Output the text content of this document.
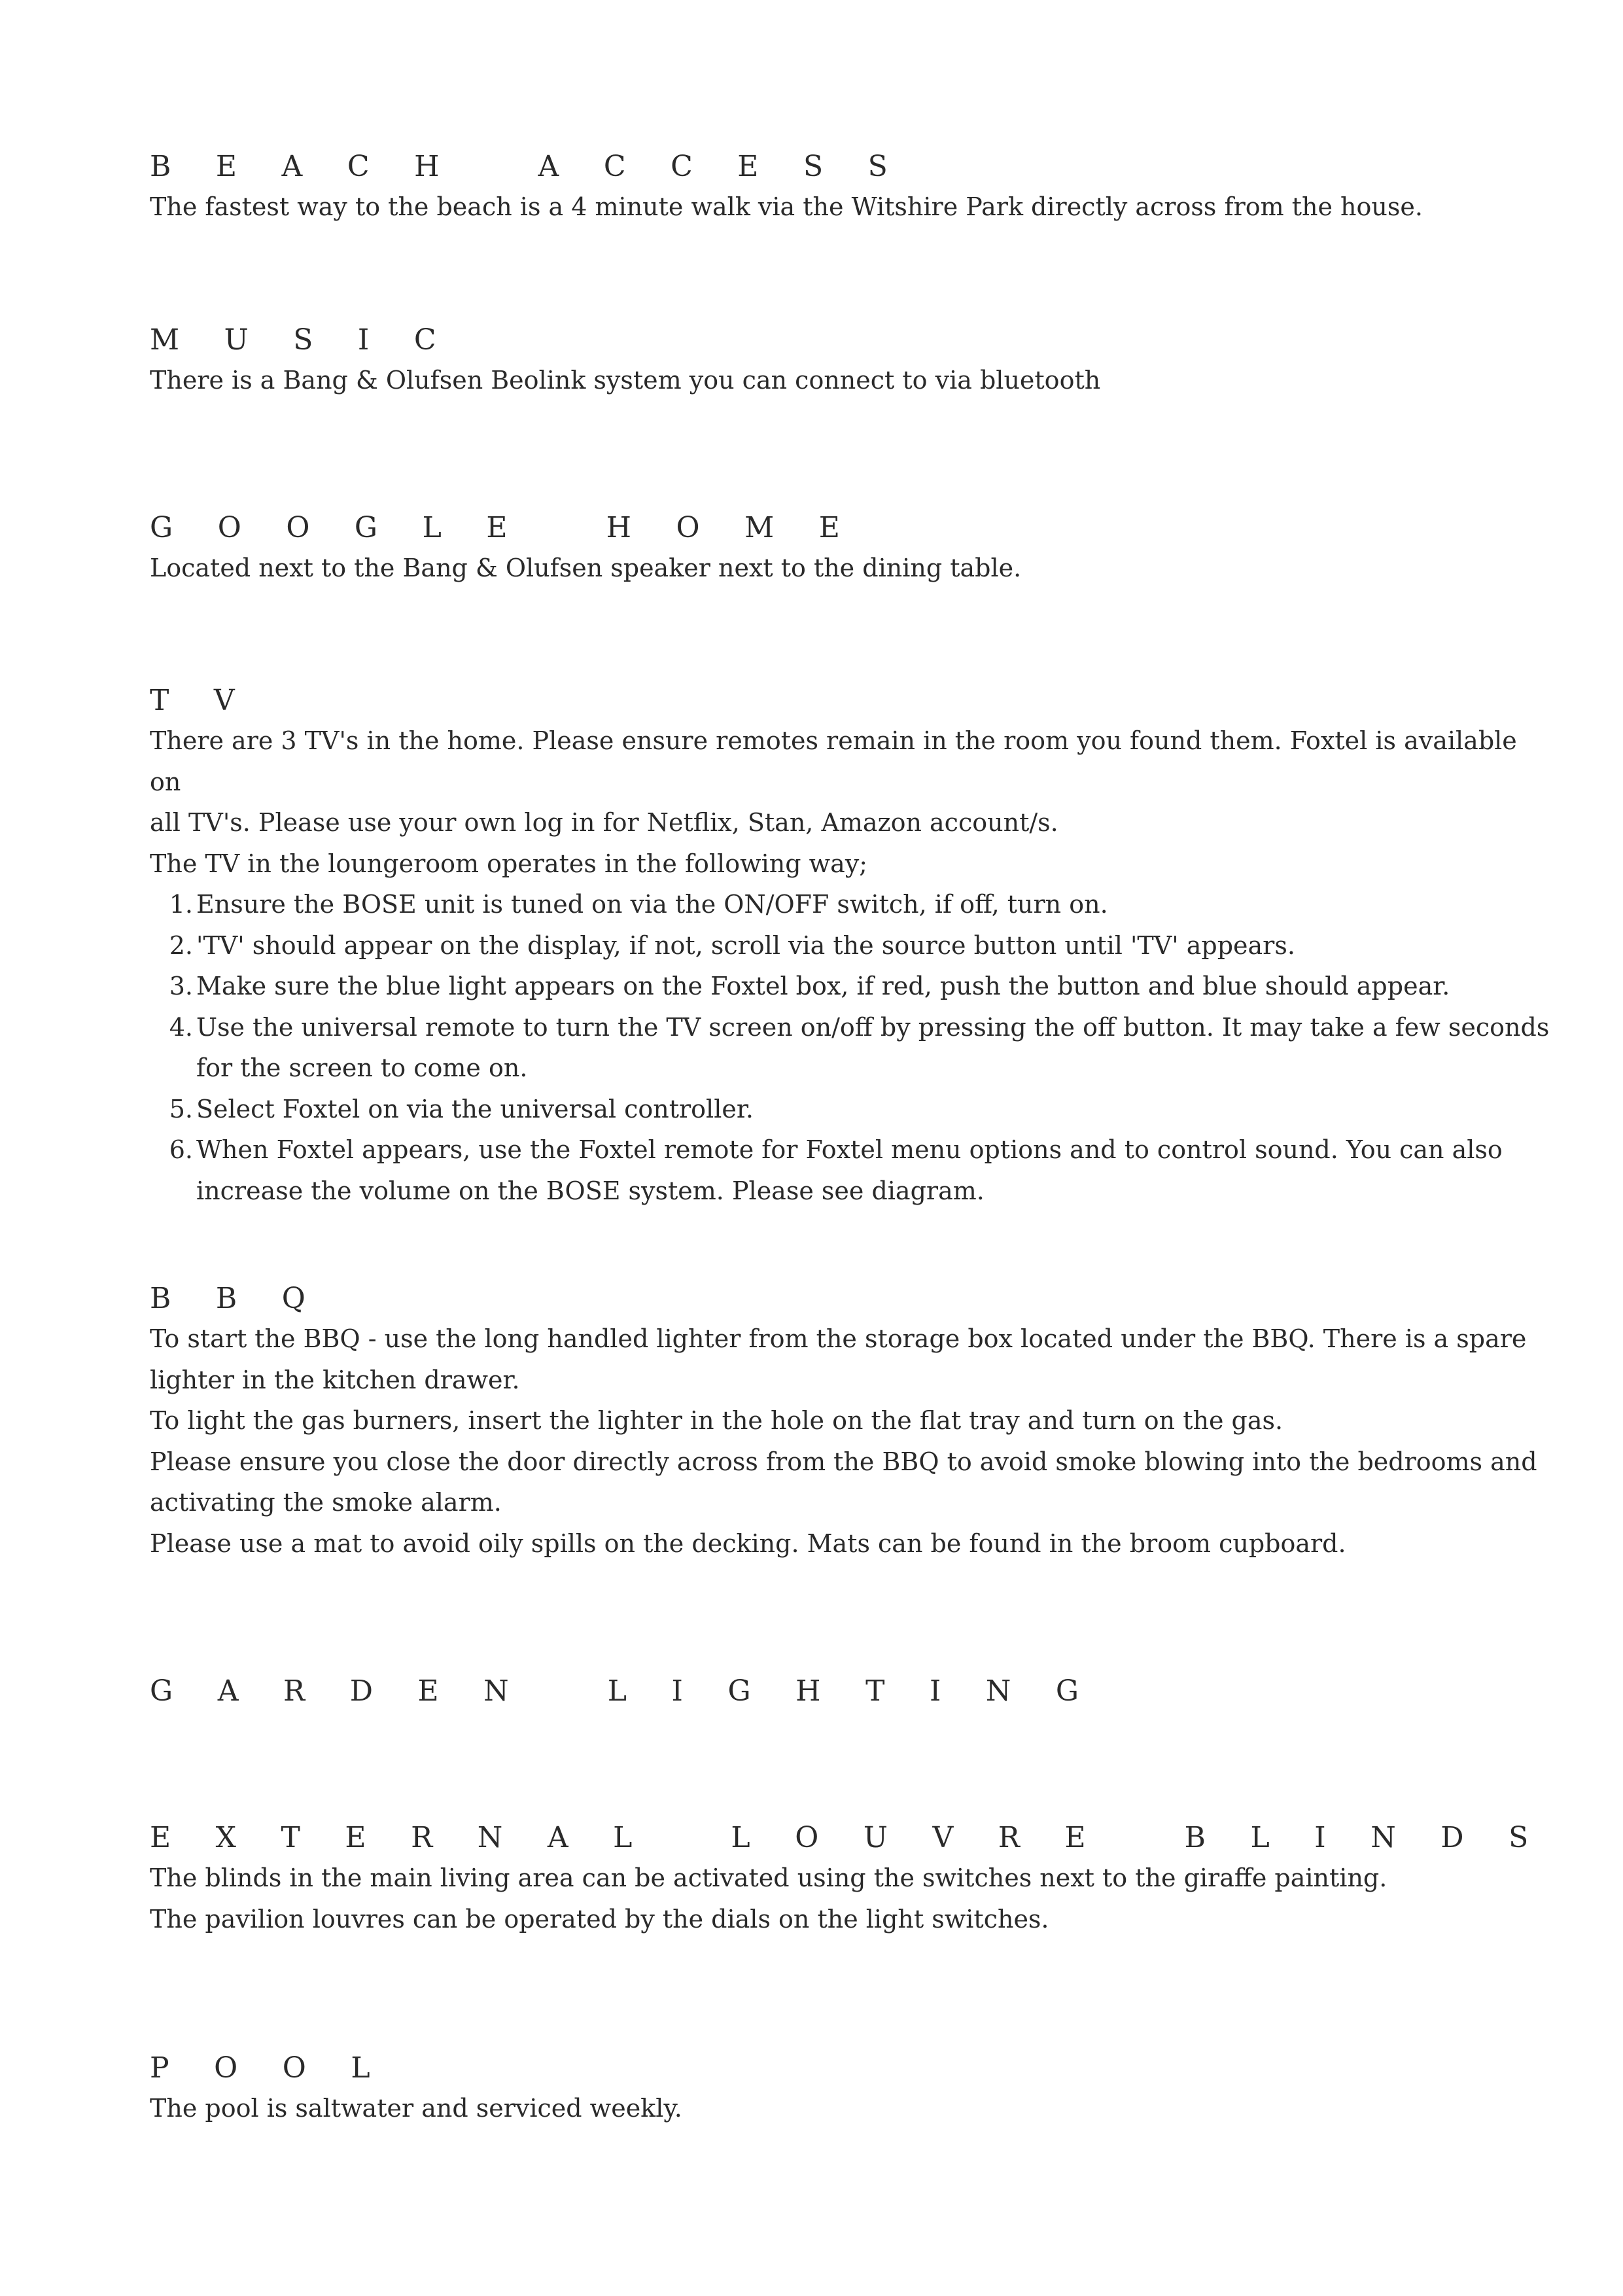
B E A C H   A C C E S S

The fastest way to the beach is a 4 minute walk via the Witshire Park directly across from the house.

M U S I C

There is a Bang & Olufsen Beolink system you can connect to via bluetooth

G O O G L E   H O M E

Located next to the Bang & Olufsen speaker next to the dining table.

T V

There are 3 TV's in the home. Please ensure remotes remain in the room you found them. Foxtel is available on

all TV's. Please use your own log in for Netflix, Stan, Amazon account/s.

The TV in the loungeroom operates in the following way;

1. Ensure the BOSE unit is tuned on via the ON/OFF switch, if off, turn on.
2. 'TV' should appear on the display, if not, scroll via the source button until 'TV' appears.
3. Make sure the blue light appears on the Foxtel box, if red, push the button and blue should appear.
4. Use the universal remote to turn the TV screen on/off by pressing the off button. It may take a few seconds for the screen to come on.
5. Select Foxtel on via the universal controller.
6. When Foxtel appears, use the Foxtel remote for Foxtel menu options and to control sound. You can also increase the volume on the BOSE system. Please see diagram.
B B Q

To start the BBQ - use the long handled lighter from the storage box located under the BBQ. There is a spare

lighter in the kitchen drawer.

To light the gas burners, insert the lighter in the hole on the flat tray and turn on the gas.

Please ensure you close the door directly across from the BBQ to avoid smoke blowing into the bedrooms and

activating the smoke alarm.

Please use a mat to avoid oily spills on the decking. Mats can be found in the broom cupboard.

G A R D E N   L I G H T I N G
E X T E R N A L   L O U V R E   B L I N D S

The blinds in the main living area can be activated using the switches next to the giraffe painting.

The pavilion louvres can be operated by the dials on the light switches.

P O O L

The pool is saltwater and serviced weekly.
